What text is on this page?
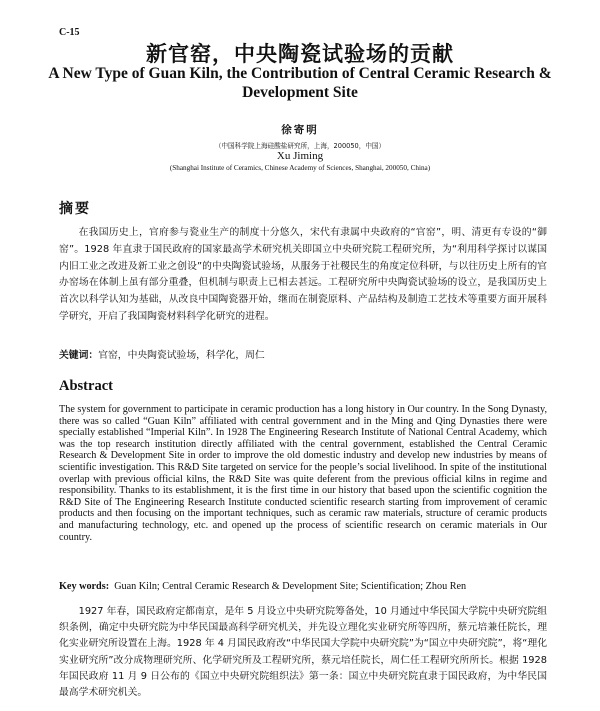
C-15
新官窑，中央陶瓷试验场的贡献
A New Type of Guan Kiln, the Contribution of Central Ceramic Research & Development Site
徐寄明
（中国科学院上海硅酸盐研究所，上海，200050，中国）
Xu Jiming
(Shanghai Institute of Ceramics, Chinese Academy of Sciences, Shanghai, 200050, China)
摘要
在我国历史上，官府参与瓷业生产的制度十分悠久，宋代有隶属中央政府的“官窑”，明、清更有专设的“御窑”。1928 年直隶于国民政府的国家最高学术研究机关即国立中央研究院工程研究所，为“利用科学探讨以谋国内旧工业之改进及新工业之创设”的中央陶瓷试验场，从服务于社稷民生的角度定位科研，与以往历史上所有的官办窑场在体制上虽有部分重叠，但机制与职责上已相去甚远。工程研究所中央陶瓷试验场的设立，是我国历史上首次以科学认知为基础，从改良中国陶瓷器开始，继而在制瓷原料、产品结构及制造工艺技术等重要方面开展科学研究，开启了我国陶瓷材料科学化研究的进程。
关键词：官窑，中央陶瓷试验场，科学化，周仁
Abstract
The system for government to participate in ceramic production has a long history in Our country. In the Song Dynasty, there was so called “Guan Kiln” affiliated with central government and in the Ming and Qing Dynasties there were specially established “Imperial Kiln”. In 1928 The Engineering Research Institute of National Central Academy, which was the top research institution directly affiliated with the central government, established the Central Ceramic Research & Development Site in order to improve the old domestic industry and develop new industries by means of scientific investigation. This R&D Site targeted on service for the people’s social livelihood. In spite of the institutional overlap with previous official kilns, the R&D Site was quite deferent from the previous official kilns in regime and responsibility. Thanks to its establishment, it is the first time in our history that based upon the scientific cognition the R&D Site of The Engineering Research Institute conducted scientific research starting from improvement of ceramic products and then focusing on the important techniques, such as ceramic raw materials, structure of ceramic products and manufacturing technology, etc. and opened up the process of scientific research on ceramic materials in Our country.
Key words: Guan Kiln; Central Ceramic Research & Development Site; Scientification; Zhou Ren
1927 年春，国民政府定都南京，是年 5 月设立中央研究院筹备处，10 月通过中华民国大学院中央研究院组织条例，确定中央研究院为中华民国最高科学研究机关，并先设立理化实业研究所等四所，蔡元培兼任院长，理化实业研究所设置在上海。1928 年 4 月国民政府改“中华民国大学院中央研究院”为“国立中央研究院”，将“理化实业研究所”改分成物理研究所、化学研究所及工程研究所，蔡元培任院长，周仁任工程研究所所长。根据 1928 年国民政府 11 月 9 日公布的《国立中央研究院组织法》第一条：国立中央研究院直隶于国民政府，为中华民国最高学术研究机关。
